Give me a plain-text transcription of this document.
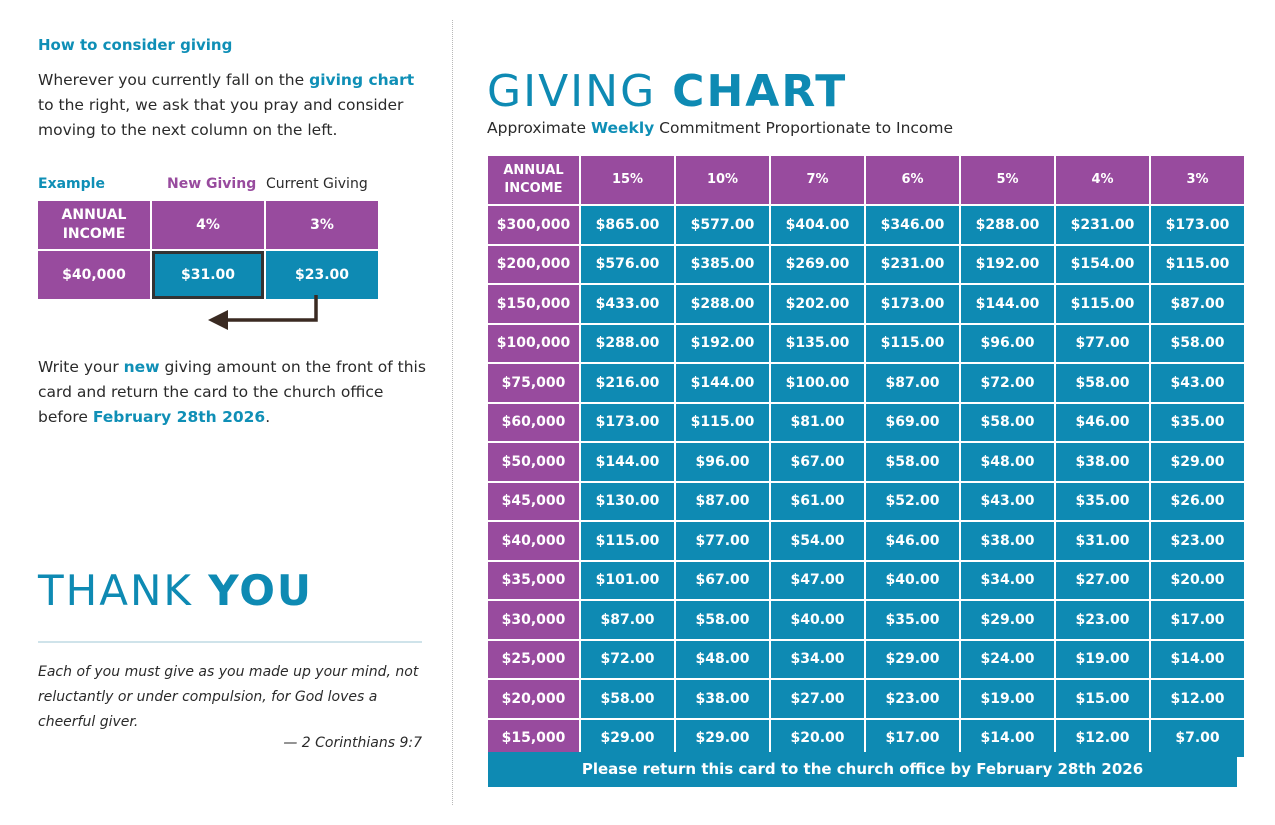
How to consider giving
Wherever you currently fall on the giving chart to the right, we ask that you pray and consider moving to the next column on the left.
Example	New Giving Current Giving
ANNUAL
INCOME	4%	3%
$40,000	$31.00	$23.00
Write your new giving amount on the front of this card and return the card to the church office before February 28th 2026.
THANK YOU
Each of you must give as you made up your mind, not reluctantly or under compulsion, for God loves a cheerful giver.
— 2 Corinthians 9:7
GIVING CHART
Approximate Weekly Commitment Proportionate to Income
ANNUAL
INCOME	15%	10%	7%	6%	5%	4%	3%
$300,000	$865.00	$577.00	$404.00	$346.00	$288.00	$231.00	$173.00
$200,000	$576.00	$385.00	$269.00	$231.00	$192.00	$154.00	$115.00
$150,000	$433.00	$288.00	$202.00	$173.00	$144.00	$115.00	$87.00
$100,000	$288.00	$192.00	$135.00	$115.00	$96.00	$77.00	$58.00
$75,000	$216.00	$144.00	$100.00	$87.00	$72.00	$58.00	$43.00
$60,000	$173.00	$115.00	$81.00	$69.00	$58.00	$46.00	$35.00
$50,000	$144.00	$96.00	$67.00	$58.00	$48.00	$38.00	$29.00
$45,000	$130.00	$87.00	$61.00	$52.00	$43.00	$35.00	$26.00
$40,000	$115.00	$77.00	$54.00	$46.00	$38.00	$31.00	$23.00
$35,000	$101.00	$67.00	$47.00	$40.00	$34.00	$27.00	$20.00
$30,000	$87.00	$58.00	$40.00	$35.00	$29.00	$23.00	$17.00
$25,000	$72.00	$48.00	$34.00	$29.00	$24.00	$19.00	$14.00
$20,000	$58.00	$38.00	$27.00	$23.00	$19.00	$15.00	$12.00
$15,000	$29.00	$29.00	$20.00	$17.00	$14.00	$12.00	$7.00
Please return this card to the church office by February 28th 2026
